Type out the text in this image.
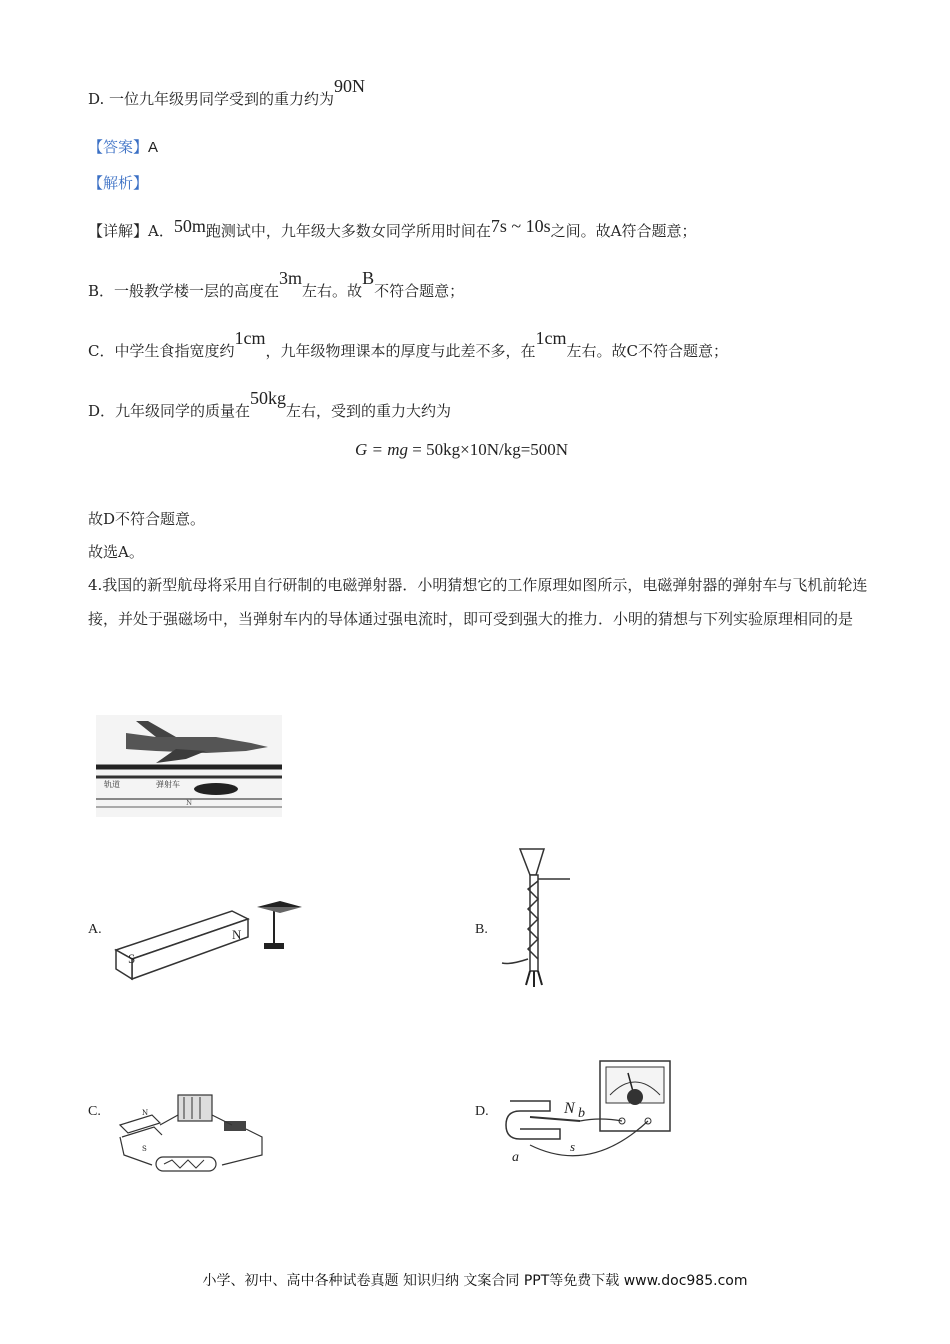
D. 一位九年级男同学受到的重力约为90N
【答案】A
【解析】
【详解】A．50m跑测试中，九年级大多数女同学所用时间在7s ~ 10s之间。故A符合题意；
B．一般教学楼一层的高度在3m左右。故B不符合题意；
C．中学生食指宽度约1cm，九年级物理课本的厚度与此差不多，在1cm左右。故C不符合题意；
D．九年级同学的质量在50kg左右，受到的重力大约为
G = mg = 50kg×10N/kg=500N
故D不符合题意。
故选A。
4.我国的新型航母将采用自行研制的电磁弹射器．小明猜想它的工作原理如图所示，电磁弹射器的弹射车与飞机前轮连接，并处于强磁场中，当弹射车内的导体通过强电流时，即可受到强大的推力．小明的猜想与下列实验原理相同的是
轨道	弹射车
N
A.	B.
C.	D.
S
N
N
S
N b
a
s
小学、初中、高中各种试卷真题 知识归纳 文案合同 PPT等免费下载 www.doc985.com
